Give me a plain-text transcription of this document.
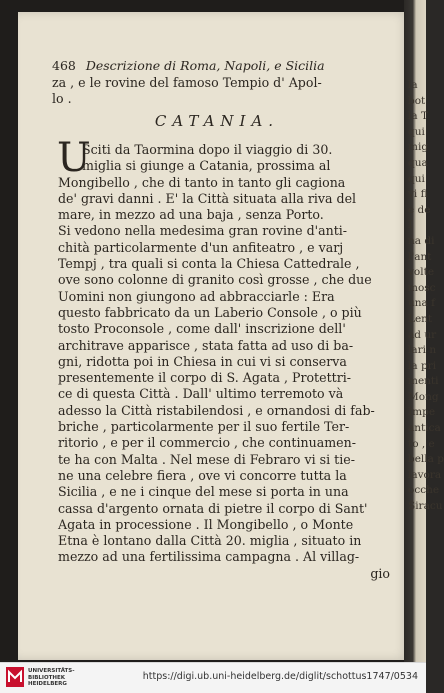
468 Descrizione di Roma, Napoli, e Sicilia
za , e le rovine del famoso Tempio d' Apol-
lo .
CATANIA.
U
Sciti da Taormina dopo il viaggio di 30.
miglia si giunge a Catania, prossima al
Mongibello , che di tanto in tanto gli cagiona
de' gravi danni . E' la Città situata alla riva del
mare, in mezzo ad una baja , senza Porto.
Si vedono nella medesima gran rovine d'anti-
chità particolarmente d'un anfiteatro , e varj
Tempj , tra quali si conta la Chiesa Cattedrale ,
ove sono colonne di granito così grosse , che due
Uomini non giungono ad abbracciarle : Era
questo fabbricato da un Laberio Console , o più
tosto Proconsole , come dall' inscrizione dell'
architrave apparisce , stata fatta ad uso di ba-
gni, ridotta poi in Chiesa in cui vi si conserva
presentemente il corpo di S. Agata , Protettri-
ce di questa Città . Dall' ultimo terremoto và
adesso la Città ristabilendosi , e ornandosi di fab-
briche , particolarmente per il suo fertile Ter-
ritorio , e per il commercio , che continuamen-
te ha con Malta . Nel mese di Febraro vi si tie-
ne una celebre fiera , ove vi concorre tutta la
Sicilia , e ne i cinque del mese si porta in una
cassa d'argento ornata di pietre il corpo di Sant'
Agata in processione . Il Mongibello , o Monte
Etna è lontano dalla Città 20. miglia , situato in
mezzo ad una fertilissima campagna . Al villag-
gio
la
bot
la T
qui
mig
qua
qui
vi fi
e de
I
na di
l'ant
volte
mosc
una f
Lent
ad ur
lari n
la pri
menti
Mong
Impe
antica
to , e
bella p
lavora
ocche
Siracu
UNIVERSITÄTS-
BIBLIOTHEK
HEIDELBERG
https://digi.ub.uni-heidelberg.de/diglit/schottus1747/0534
